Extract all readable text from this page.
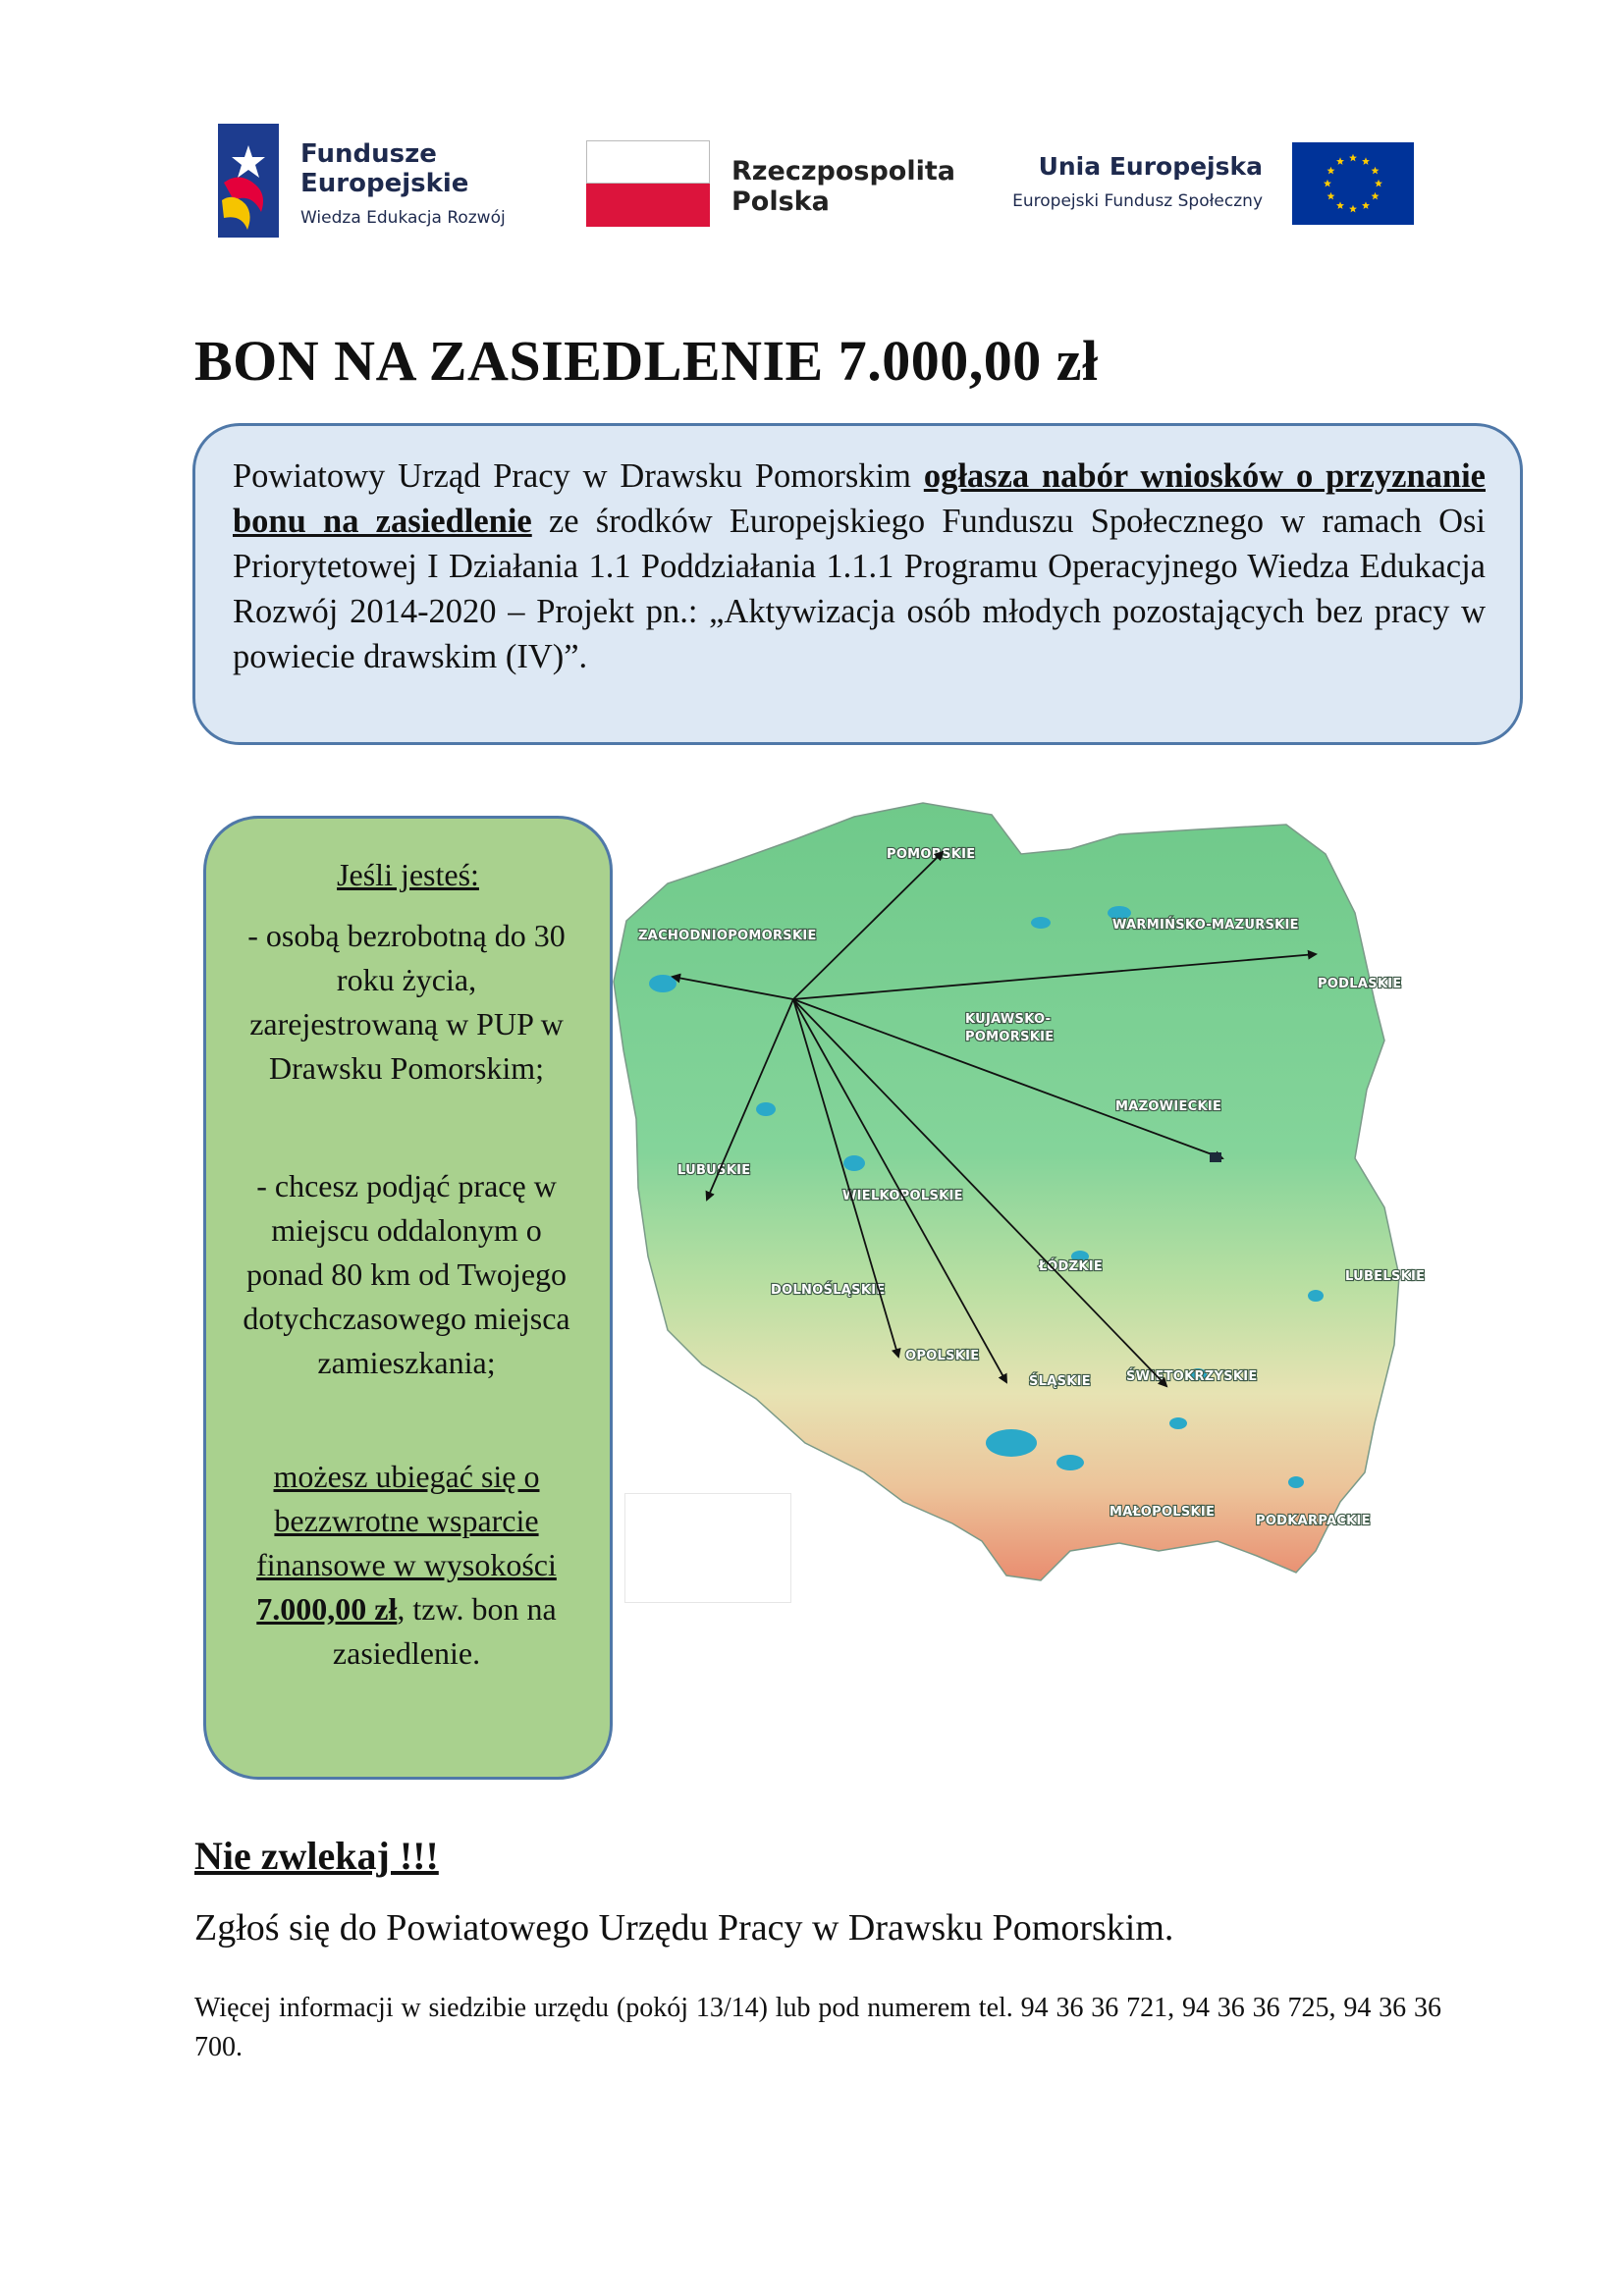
Fundusze
Europejskie
Wiedza Edukacja Rozwój
Rzeczpospolita
Polska
Unia Europejska
Europejski Fundusz Społeczny
BON NA ZASIEDLENIE 7.000,00 zł
Powiatowy Urząd Pracy w Drawsku Pomorskim ogłasza nabór wniosków o przyznanie bonu na zasiedlenie ze środków Europejskiego Funduszu Społecznego w ramach Osi Priorytetowej I Działania 1.1 Poddziałania 1.1.1 Programu Operacyjnego Wiedza Edukacja Rozwój 2014-2020 – Projekt pn.: „Aktywizacja osób młodych pozostających bez pracy w powiecie drawskim (IV)”.
POMORSKIE
ZACHODNIOPOMORSKIE
WARMIŃSKO-MAZURSKIE
PODLASKIE
KUJAWSKO-
POMORSKIE
MAZOWIECKIE
LUBUSKIE
WIELKOPOLSKIE
ŁÓDZKIE
LUBELSKIE
DOLNOŚLĄSKIE
OPOLSKIE
ŚLĄSKIE	ŚWIĘTOKRZYSKIE
MAŁOPOLSKIE
PODKARPACKIE
Jeśli jesteś:
- osobą bezrobotną do 30 roku życia, zarejestrowaną w PUP w Drawsku Pomorskim;
- chcesz podjąć pracę w miejscu oddalonym o ponad 80 km od Twojego dotychczasowego miejsca zamieszkania;
możesz ubiegać się o bezzwrotne wsparcie finansowe w wysokości 7.000,00 zł, tzw. bon na zasiedlenie.
Nie zwlekaj !!!
Zgłoś się do Powiatowego Urzędu Pracy w Drawsku Pomorskim.
Więcej informacji w siedzibie urzędu (pokój 13/14) lub pod numerem tel. 94 36 36 721, 94 36 36 725, 94 36 36 700.
